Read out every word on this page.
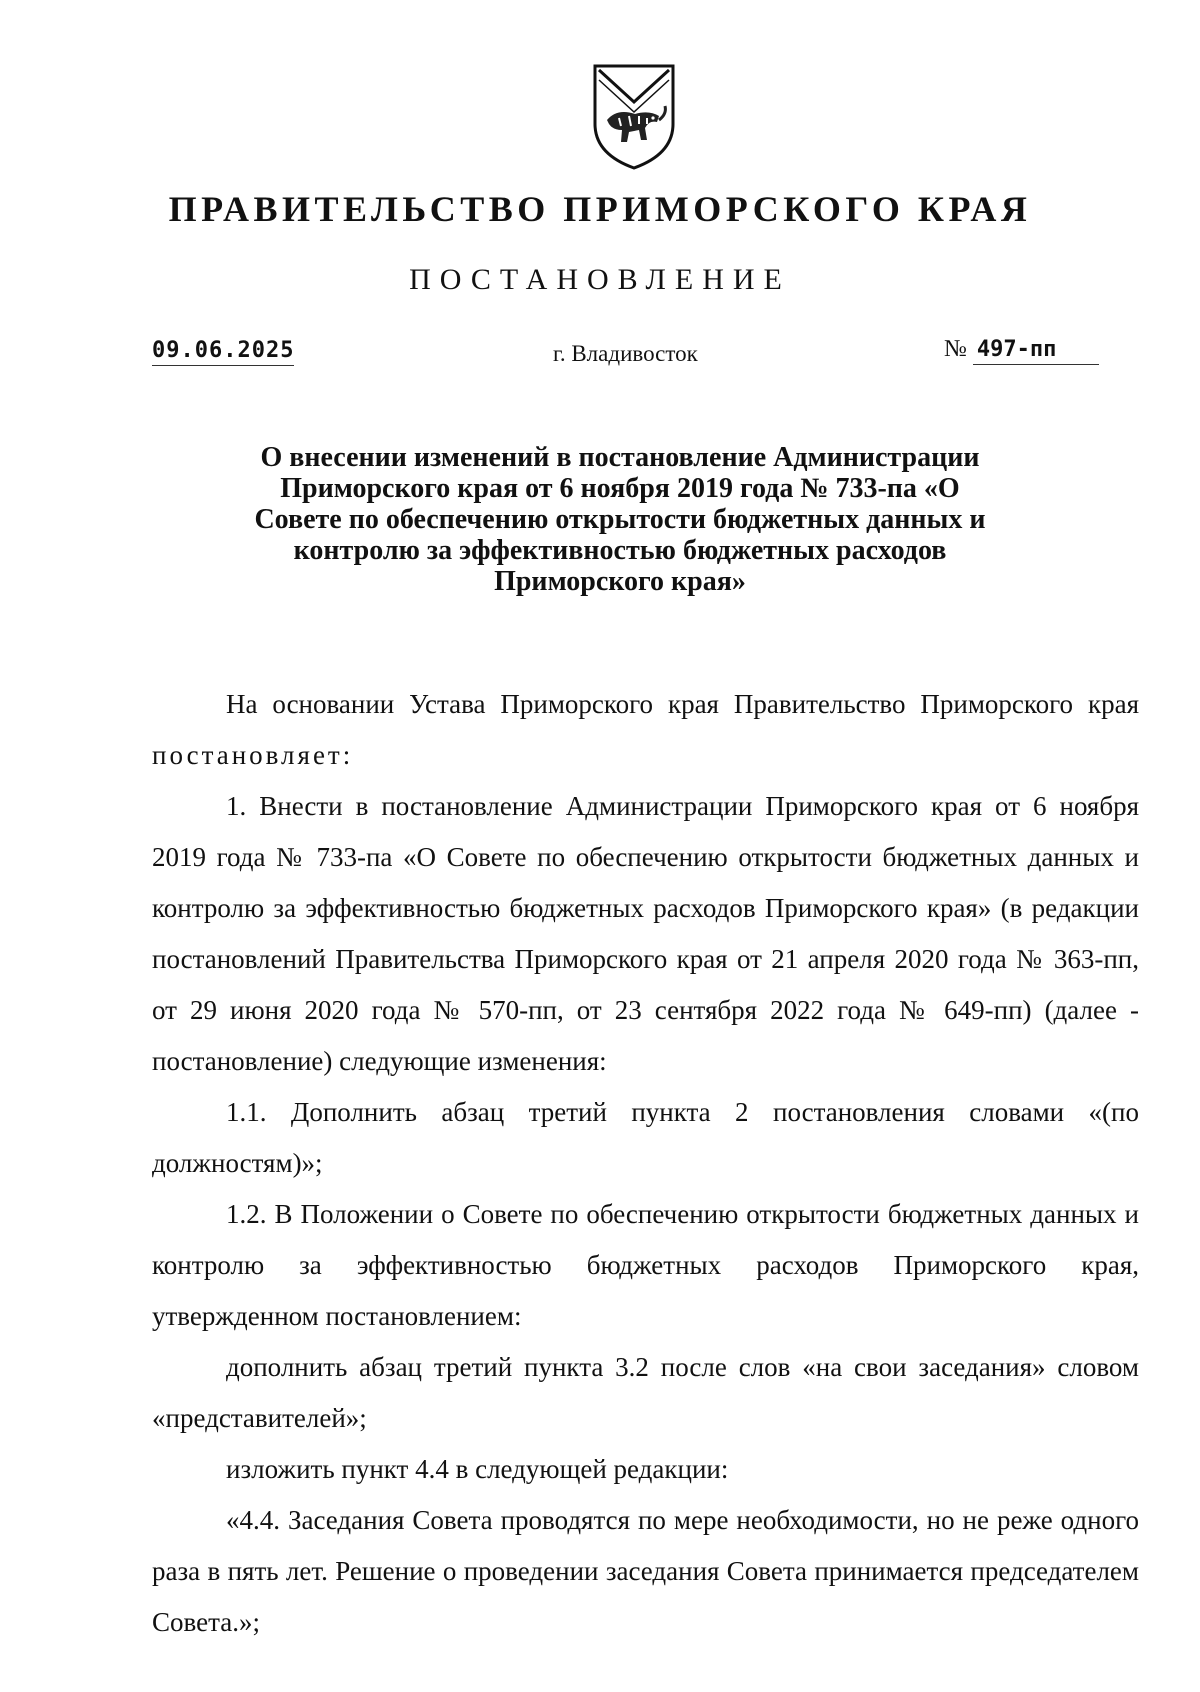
ПРАВИТЕЛЬСТВО ПРИМОРСКОГО КРАЯ
ПОСТАНОВЛЕНИЕ
09.06.2025	г. Владивосток	№ 497-пп
О внесении изменений в постановление Администрации Приморского края от 6 ноября 2019 года № 733-па «О Совете по обеспечению открытости бюджетных данных и контролю за эффективностью бюджетных расходов Приморского края»

На основании Устава Приморского края Правительство Приморского края постановляет:

1. Внести в постановление Администрации Приморского края от 6 ноября 2019 года № 733-па «О Совете по обеспечению открытости бюджетных данных и контролю за эффективностью бюджетных расходов Приморского края» (в редакции постановлений Правительства Приморского края от 21 апреля 2020 года № 363-пп, от 29 июня 2020 года № 570-пп, от 23 сентября 2022 года № 649-пп) (далее - постановление) следующие изменения:

1.1. Дополнить абзац третий пункта 2 постановления словами «(по должностям)»;

1.2. В Положении о Совете по обеспечению открытости бюджетных данных и контролю за эффективностью бюджетных расходов Приморского края, утвержденном постановлением:

дополнить абзац третий пункта 3.2 после слов «на свои заседания» словом «представителей»;

изложить пункт 4.4 в следующей редакции:

«4.4. Заседания Совета проводятся по мере необходимости, но не реже одного раза в пять лет. Решение о проведении заседания Совета принимается председателем Совета.»;
